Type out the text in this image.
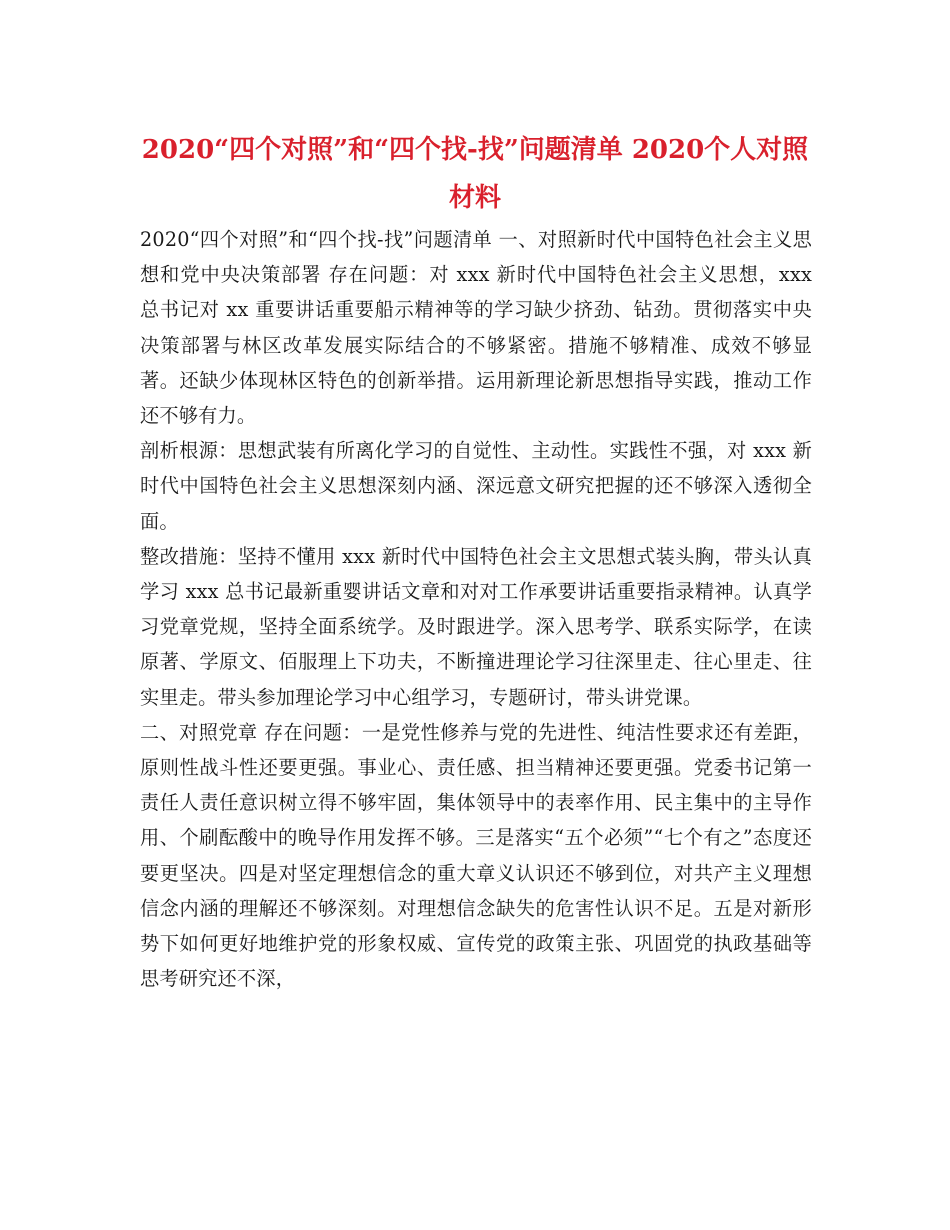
2020“四个对照”和“四个找-找”问题清单 2020个人对照材料

2020“四个对照”和“四个找-找”问题清单 一、对照新时代中国特色社会主义思想和党中央决策部署 存在问题：对 xxx 新时代中国特色社会主义思想，xxx 总书记对 xx 重要讲话重要船示精神等的学习缺少挤劲、钻劲。贯彻落实中央决策部署与林区改革发展实际结合的不够紧密。措施不够精准、成效不够显著。还缺少体现林区特色的创新举措。运用新理论新思想指导实践，推动工作还不够有力。

剖析根源：思想武装有所离化学习的自觉性、主动性。实践性不强，对 xxx 新时代中国特色社会主义思想深刻内涵、深远意文研究把握的还不够深入透彻全面。

整改措施：坚持不懂用 xxx 新时代中国特色社会主文思想式装头胸，带头认真学习 xxx 总书记最新重婴讲话文章和对对工作承要讲话重要指录精神。认真学习党章党规，坚持全面系统学。及时跟进学。深入思考学、联系实际学，在读原著、学原文、佰服理上下功夫，不断撞进理论学习往深里走、往心里走、往实里走。带头参加理论学习中心组学习，专题研讨，带头讲党课。

二、对照党章 存在问题：一是党性修养与党的先进性、纯洁性要求还有差距，原则性战斗性还要更强。事业心、责任感、担当精神还要更强。党委书记第一责任人责任意识树立得不够牢固，集体领导中的表率作用、民主集中的主导作用、个刷酝酸中的晚导作用发挥不够。三是落实“五个必须”“七个有之”态度还要更坚决。四是对坚定理想信念的重大章义认识还不够到位，对共产主义理想信念内涵的理解还不够深刻。对理想信念缺失的危害性认识不足。五是对新形势下如何更好地维护党的形象权威、宣传党的政策主张、巩固党的执政基础等思考研究还不深，
